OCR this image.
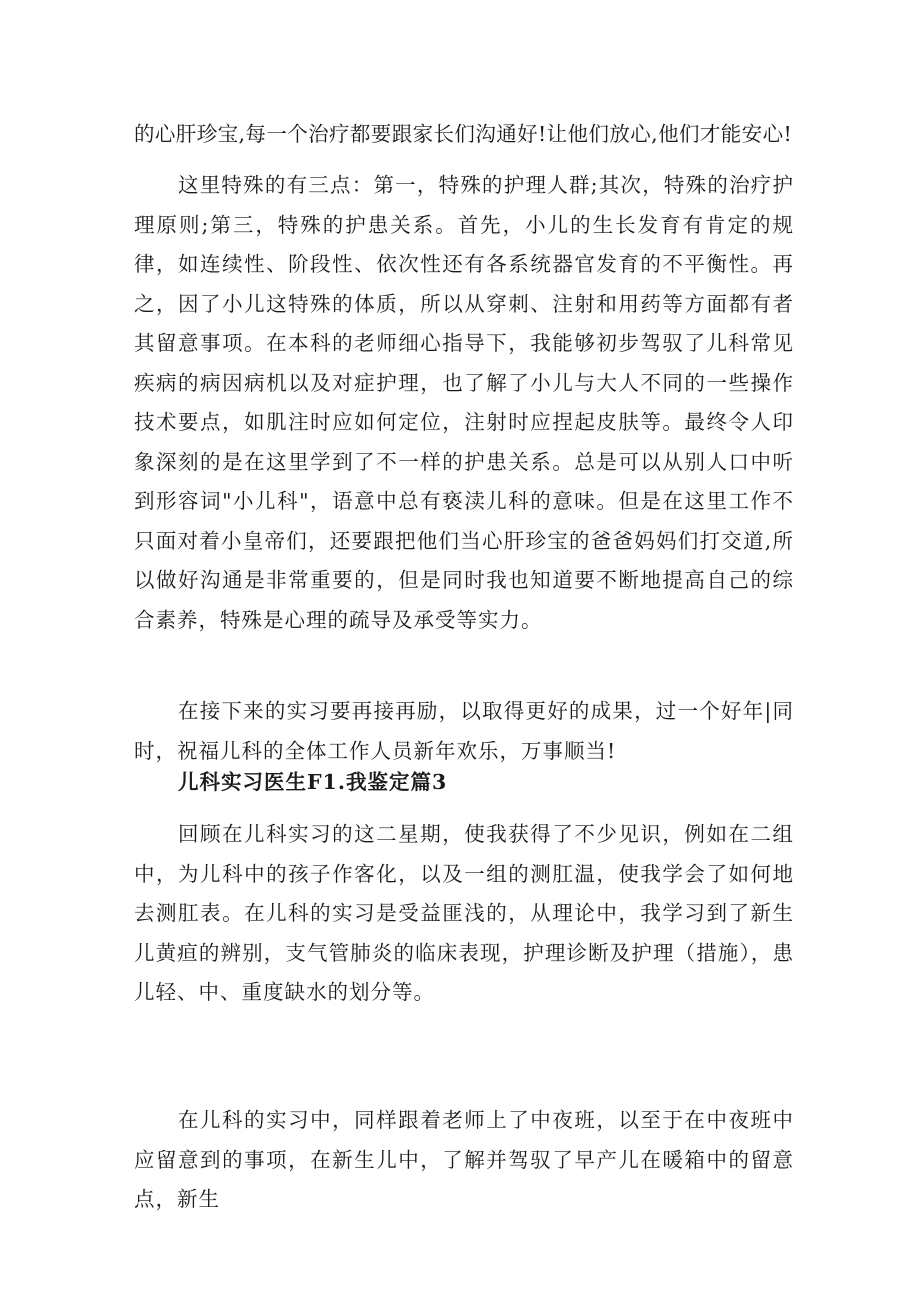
的心肝珍宝,每一个治疗都要跟家长们沟通好!让他们放心,他们才能安心!

这里特殊的有三点：第一，特殊的护理人群;其次，特殊的治疗护理原则;第三，特殊的护患关系。首先，小儿的生长发育有肯定的规律，如连续性、阶段性、依次性还有各系统器官发育的不平衡性。再之，因了小儿这特殊的体质，所以从穿刺、注射和用药等方面都有者其留意事项。在本科的老师细心指导下，我能够初步驾驭了儿科常见疾病的病因病机以及对症护理，也了解了小儿与大人不同的一些操作技术要点，如肌注时应如何定位，注射时应捏起皮肤等。最终令人印象深刻的是在这里学到了不一样的护患关系。总是可以从别人口中听到形容词"小儿科"，语意中总有亵渎儿科的意味。但是在这里工作不只面对着小皇帝们，还要跟把他们当心肝珍宝的爸爸妈妈们打交道,所以做好沟通是非常重要的，但是同时我也知道要不断地提高自己的综合素养，特殊是心理的疏导及承受等实力。

在接下来的实习要再接再励，以取得更好的成果，过一个好年|同时，祝福儿科的全体工作人员新年欢乐，万事顺当!

儿科实习医生F1.我鉴定篇3

回顾在儿科实习的这二星期，使我获得了不少见识，例如在二组中，为儿科中的孩子作客化，以及一组的测肛温，使我学会了如何地去测肛表。在儿科的实习是受益匪浅的，从理论中，我学习到了新生儿黄疸的辨别，支气管肺炎的临床表现，护理诊断及护理（措施），患儿轻、中、重度缺水的划分等。

在儿科的实习中，同样跟着老师上了中夜班，以至于在中夜班中应留意到的事项，在新生儿中，了解并驾驭了早产儿在暖箱中的留意点，新生
